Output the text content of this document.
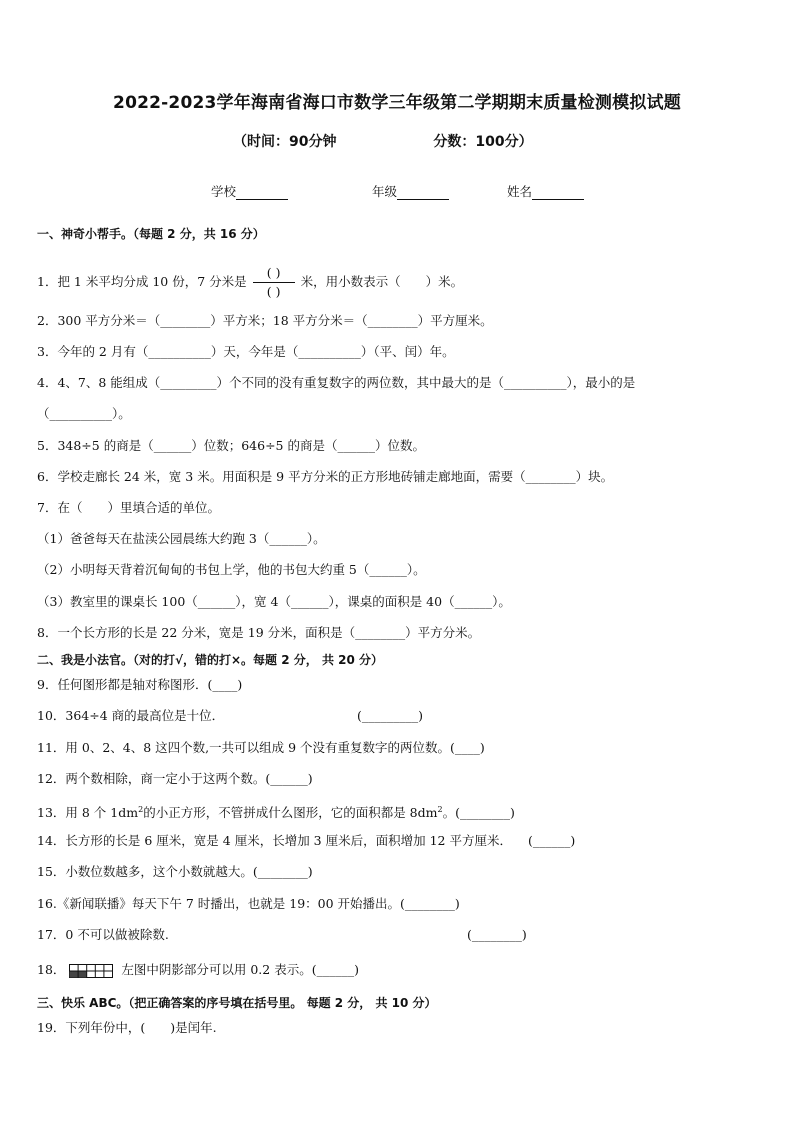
2022-2023学年海南省海口市数学三年级第二学期期末质量检测模拟试题
（时间：90分钟	分数：100分）
学校	年级	姓名
一、神奇小帮手。（每题 2 分，共 16 分）
1．把 1 米平均分成 10 份，7 分米是 $\frac{( )}{( )}$ 米，用小数表示（　　）米。
2．300 平方分米＝（________）平方米；18 平方分米＝（________）平方厘米。
3．今年的 2 月有（__________）天，今年是（__________）（平、闰）年。
4．4、7、8 能组成（_________）个不同的没有重复数字的两位数，其中最大的是（__________），最小的是
（__________）。
5．348÷5 的商是（______）位数；646÷5 的商是（______）位数。
6．学校走廊长 24 米，宽 3 米。用面积是 9 平方分米的正方形地砖铺走廊地面，需要（________）块。
7．在（　　）里填合适的单位。
（1）爸爸每天在盐渎公园晨练大约跑 3（______）。
（2）小明每天背着沉甸甸的书包上学，他的书包大约重 5（______）。
（3）教室里的课桌长 100（______），宽 4（______），课桌的面积是 40（______）。
8．一个长方形的长是 22 分米，宽是 19 分米，面积是（________）平方分米。
二、我是小法官。（对的打√，错的打×。每题 2 分， 共 20 分）
9．任何图形都是轴对称图形．(____)
10．364÷4 商的最高位是十位．	(_________)
11．用 0、2、4、8 这四个数,一共可以组成 9 个没有重复数字的两位数。(____)
12．两个数相除，商一定小于这两个数。(______)
13．用 8 个 $1dm^2$的小正方形，不管拼成什么图形，它的面积都是 $8dm^2$。(________)
14．长方形的长是 6 厘米，宽是 4 厘米，长增加 3 厘米后，面积增加 12 平方厘米． (______)
15．小数位数越多，这个小数就越大。(________)
16.《新闻联播》每天下午 7 时播出，也就是 19：00 开始播出。(________)
17．0 不可以做被除数.	(________)
18．	左图中阴影部分可以用 0.2 表示。(______)
三、快乐 ABC。（把正确答案的序号填在括号里。 每题 2 分， 共 10 分）
19．下列年份中，(　　)是闰年.
